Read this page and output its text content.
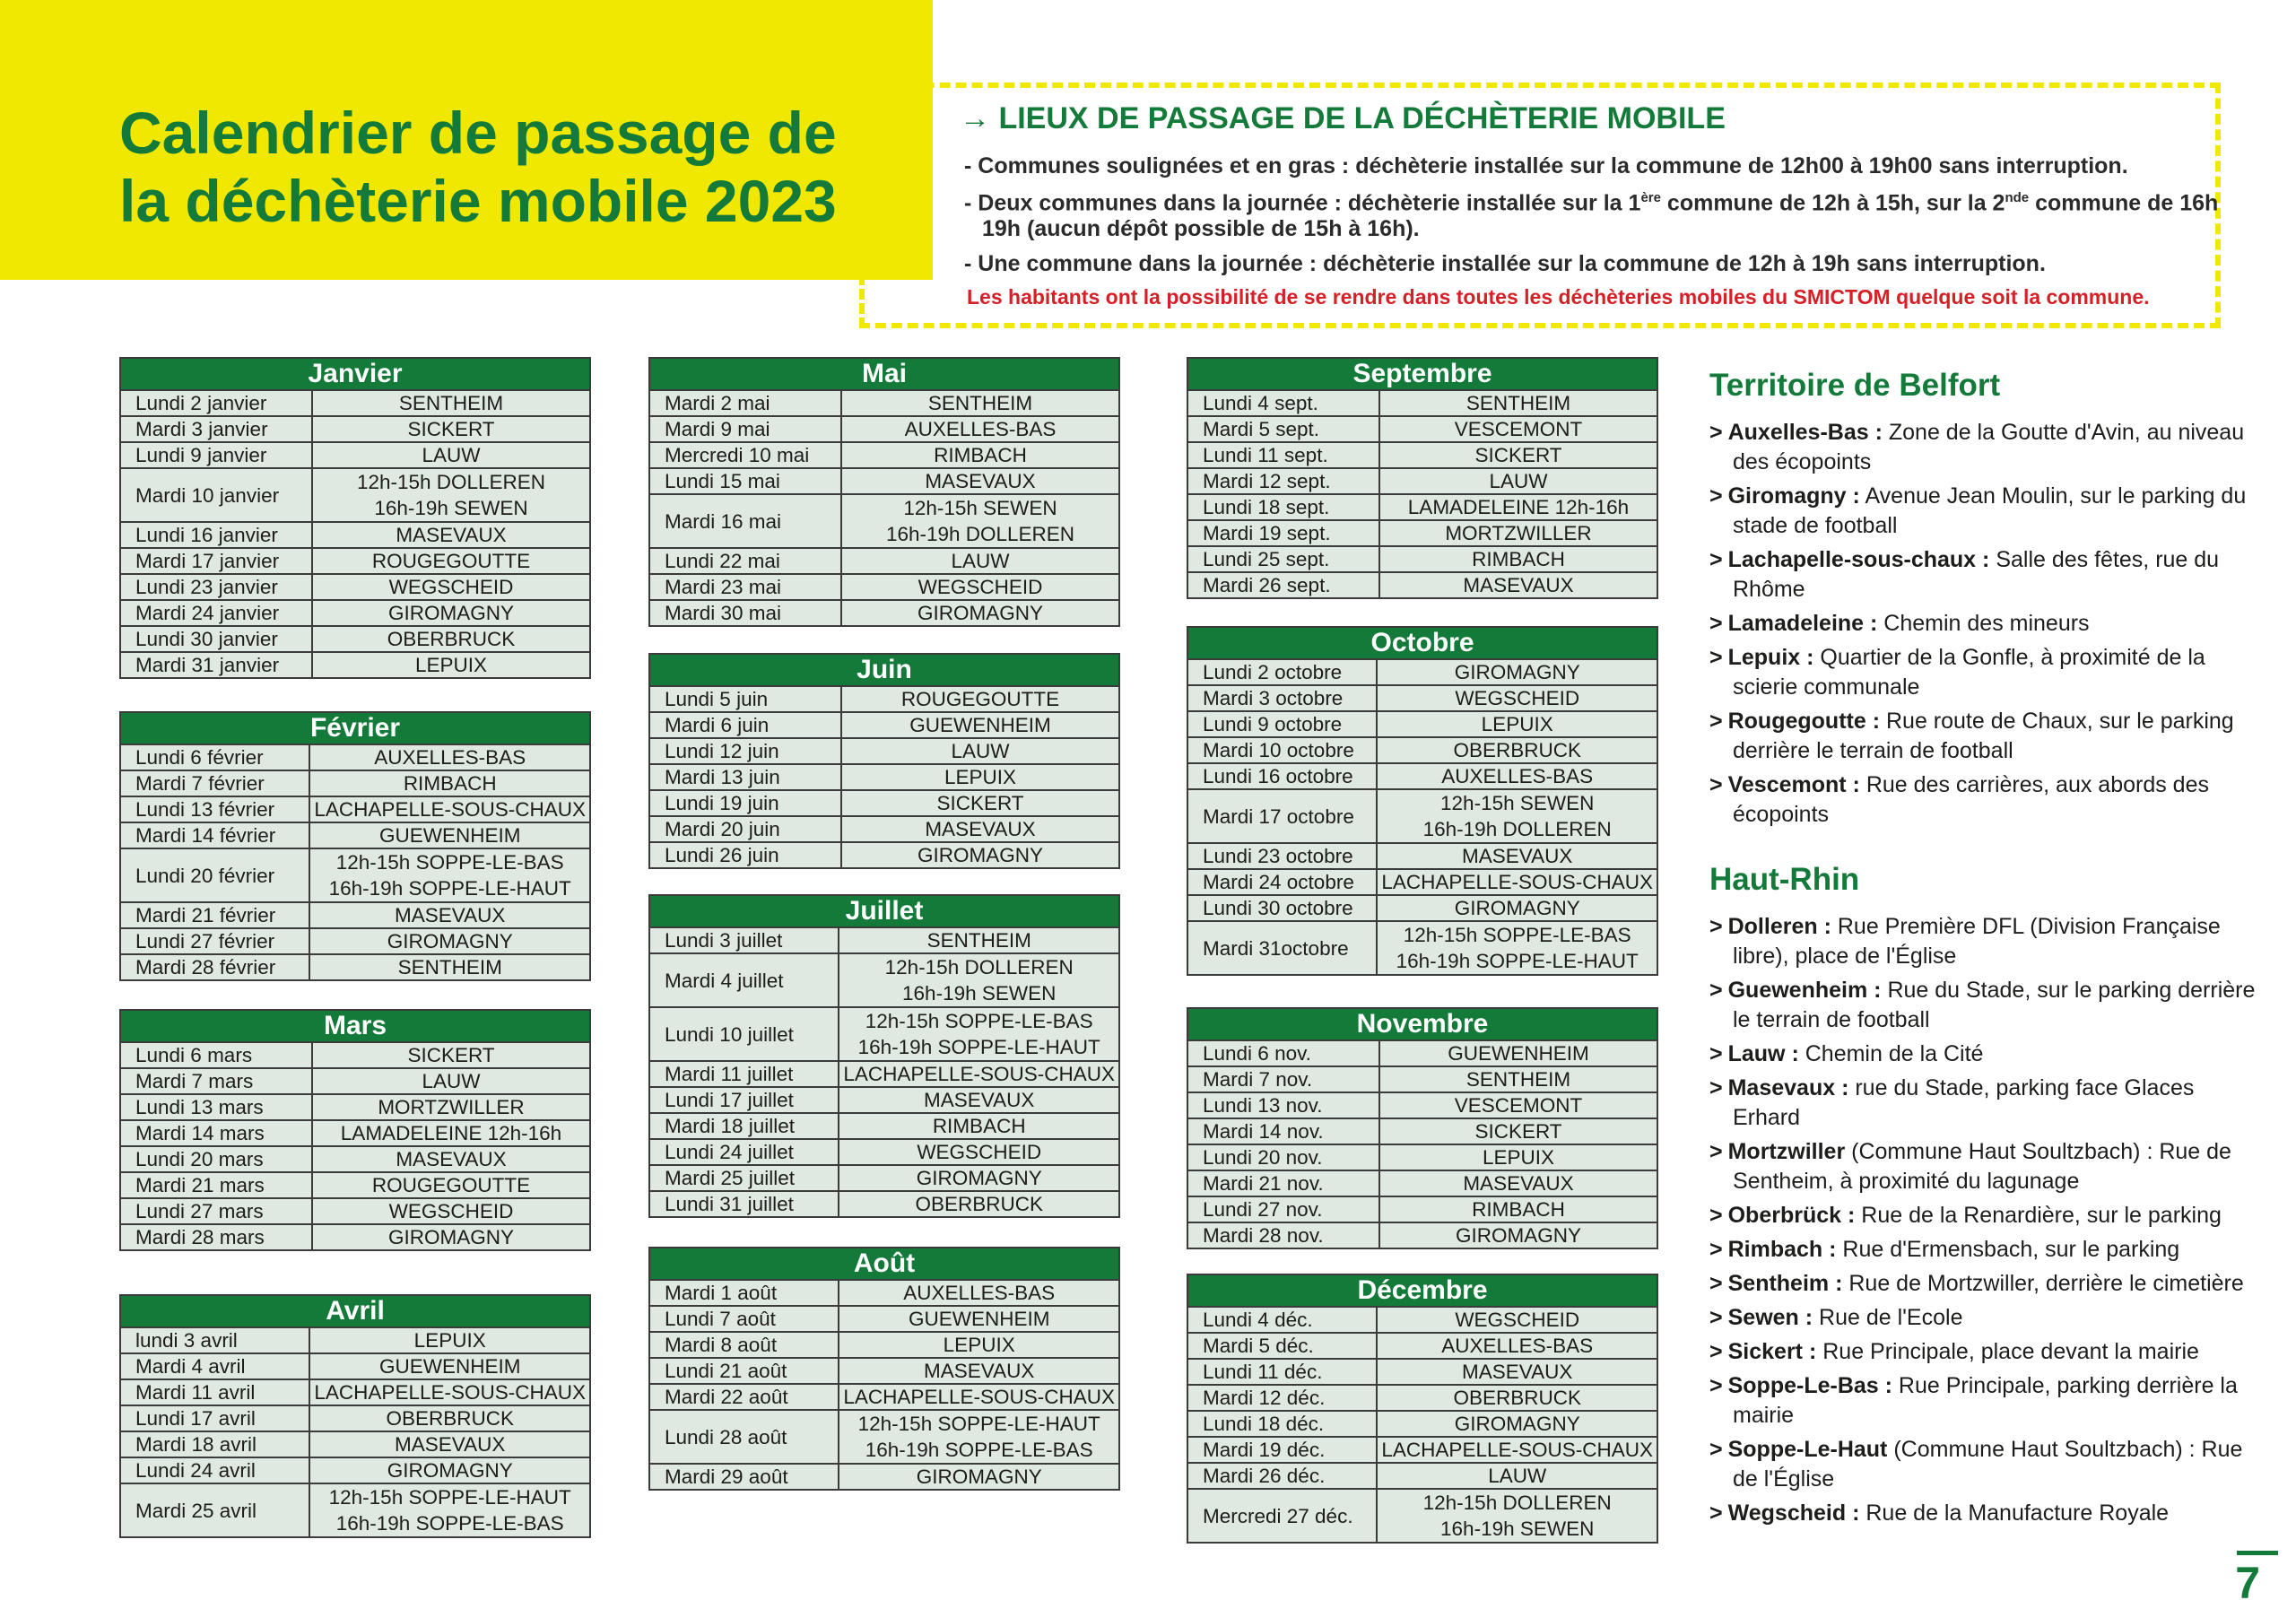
Calendrier de passage de
la déchèterie mobile 2023
→ LIEUX DE PASSAGE DE LA DÉCHÈTERIE MOBILE
- Communes soulignées et en gras : déchèterie installée sur la commune de 12h00 à 19h00 sans interruption.
- Deux communes dans la journée : déchèterie installée sur la 1ère commune de 12h à 15h, sur la 2nde commune de 16h
19h (aucun dépôt possible de 15h à 16h).
- Une commune dans la journée : déchèterie installée sur la commune de 12h à 19h sans interruption.
Les habitants ont la possibilité de se rendre dans toutes les déchèteries mobiles du SMICTOM quelque soit la commune.
Janvier	
Lundi 2 janvier	SENTHEIM
Mardi 3 janvier	SICKERT
Lundi 9 janvier	LAUW
Mardi 10 janvier	12h-15h DOLLEREN
16h-19h SEWEN

Lundi 16 janvier	MASEVAUX
Mardi 17 janvier	ROUGEGOUTTE
Lundi 23 janvier	WEGSCHEID
Mardi 24 janvier	GIROMAGNY
Lundi 30 janvier	OBERBRUCK
Mardi 31 janvier	LEPUIX
Février	
Lundi 6 février	AUXELLES-BAS
Mardi 7 février	RIMBACH
Lundi 13 février	LACHAPELLE-SOUS-CHAUX
Mardi 14 février	GUEWENHEIM
Lundi 20 février	12h-15h SOPPE-LE-BAS
16h-19h SOPPE-LE-HAUT

Mardi 21 février	MASEVAUX
Lundi 27 février	GIROMAGNY
Mardi 28 février	SENTHEIM
Mars	
Lundi 6 mars	SICKERT
Mardi 7 mars	LAUW
Lundi 13 mars	MORTZWILLER
Mardi 14 mars	LAMADELEINE 12h-16h
Lundi 20 mars	MASEVAUX
Mardi 21 mars	ROUGEGOUTTE
Lundi 27 mars	WEGSCHEID
Mardi 28 mars	GIROMAGNY
Avril	
lundi 3 avril	LEPUIX
Mardi 4 avril	GUEWENHEIM
Mardi 11 avril	LACHAPELLE-SOUS-CHAUX
Lundi 17 avril	OBERBRUCK
Mardi 18 avril	MASEVAUX
Lundi 24 avril	GIROMAGNY
Mardi 25 avril	12h-15h SOPPE-LE-HAUT
16h-19h SOPPE-LE-BAS
Mai	
Mardi 2 mai	SENTHEIM
Mardi 9 mai	AUXELLES-BAS
Mercredi 10 mai	RIMBACH
Lundi 15 mai	MASEVAUX
Mardi 16 mai	12h-15h SEWEN
16h-19h DOLLEREN

Lundi 22 mai	LAUW
Mardi 23 mai	WEGSCHEID
Mardi 30 mai	GIROMAGNY
Juin	
Lundi 5 juin	ROUGEGOUTTE
Mardi 6 juin	GUEWENHEIM
Lundi 12 juin	LAUW
Mardi 13 juin	LEPUIX
Lundi 19 juin	SICKERT
Mardi 20 juin	MASEVAUX
Lundi 26 juin	GIROMAGNY
Juillet	
Lundi 3 juillet	SENTHEIM
Mardi 4 juillet	12h-15h DOLLEREN
16h-19h SEWEN

Lundi 10 juillet	12h-15h SOPPE-LE-BAS
16h-19h SOPPE-LE-HAUT

Mardi 11 juillet	LACHAPELLE-SOUS-CHAUX
Lundi 17 juillet	MASEVAUX
Mardi 18 juillet	RIMBACH
Lundi 24 juillet	WEGSCHEID
Mardi 25 juillet	GIROMAGNY
Lundi 31 juillet	OBERBRUCK
Août	
Mardi 1 août	AUXELLES-BAS
Lundi 7 août	GUEWENHEIM
Mardi 8 août	LEPUIX
Lundi 21 août	MASEVAUX
Mardi 22 août	LACHAPELLE-SOUS-CHAUX
Lundi 28 août	12h-15h SOPPE-LE-HAUT
16h-19h SOPPE-LE-BAS

Mardi 29 août	GIROMAGNY
Septembre	
Lundi 4 sept.	SENTHEIM
Mardi 5 sept.	VESCEMONT
Lundi 11 sept.	SICKERT
Mardi 12 sept.	LAUW
Lundi 18 sept.	LAMADELEINE 12h-16h
Mardi 19 sept.	MORTZWILLER
Lundi 25 sept.	RIMBACH
Mardi 26 sept.	MASEVAUX
Octobre	
Lundi 2 octobre	GIROMAGNY
Mardi 3 octobre	WEGSCHEID
Lundi 9 octobre	LEPUIX
Mardi 10 octobre	OBERBRUCK
Lundi 16 octobre	AUXELLES-BAS
Mardi 17 octobre	12h-15h SEWEN
16h-19h DOLLEREN

Lundi 23 octobre	MASEVAUX
Mardi 24 octobre	LACHAPELLE-SOUS-CHAUX
Lundi 30 octobre	GIROMAGNY
Mardi 31octobre	12h-15h SOPPE-LE-BAS
16h-19h SOPPE-LE-HAUT
Novembre	
Lundi 6 nov.	GUEWENHEIM
Mardi 7 nov.	SENTHEIM
Lundi 13 nov.	VESCEMONT
Mardi 14 nov.	SICKERT
Lundi 20 nov.	LEPUIX
Mardi 21 nov.	MASEVAUX
Lundi 27 nov.	RIMBACH
Mardi 28 nov.	GIROMAGNY
Décembre	
Lundi 4 déc.	WEGSCHEID
Mardi 5 déc.	AUXELLES-BAS
Lundi 11 déc.	MASEVAUX
Mardi 12 déc.	OBERBRUCK
Lundi 18 déc.	GIROMAGNY
Mardi 19 déc.	LACHAPELLE-SOUS-CHAUX
Mardi 26 déc.	LAUW
Mercredi 27 déc.	12h-15h DOLLEREN
16h-19h SEWEN
Territoire de Belfort
> Auxelles-Bas : Zone de la Goutte d'Avin, au niveau des écopoints
> Giromagny : Avenue Jean Moulin, sur le parking du stade de football
> Lachapelle-sous-chaux : Salle des fêtes, rue du Rhôme
> Lamadeleine : Chemin des mineurs
> Lepuix : Quartier de la Gonfle, à proximité de la scierie communale
> Rougegoutte : Rue route de Chaux, sur le parking derrière le terrain de football
> Vescemont : Rue des carrières, aux abords des écopoints
Haut-Rhin
> Dolleren : Rue Première DFL (Division Française libre), place de l'Église
> Guewenheim : Rue du Stade, sur le parking derrière le terrain de football
> Lauw : Chemin de la Cité
> Masevaux : rue du Stade, parking face Glaces Erhard
> Mortzwiller (Commune Haut Soultzbach) : Rue de Sentheim, à proximité du lagunage
> Oberbrück : Rue de la Renardière, sur le parking
> Rimbach : Rue d'Ermensbach, sur le parking
> Sentheim : Rue de Mortzwiller, derrière le cimetière
> Sewen : Rue de l'Ecole
> Sickert : Rue Principale, place devant la mairie
> Soppe-Le-Bas : Rue Principale, parking derrière la mairie
> Soppe-Le-Haut (Commune Haut Soultzbach) : Rue de l'Église
> Wegscheid : Rue de la Manufacture Royale
7
